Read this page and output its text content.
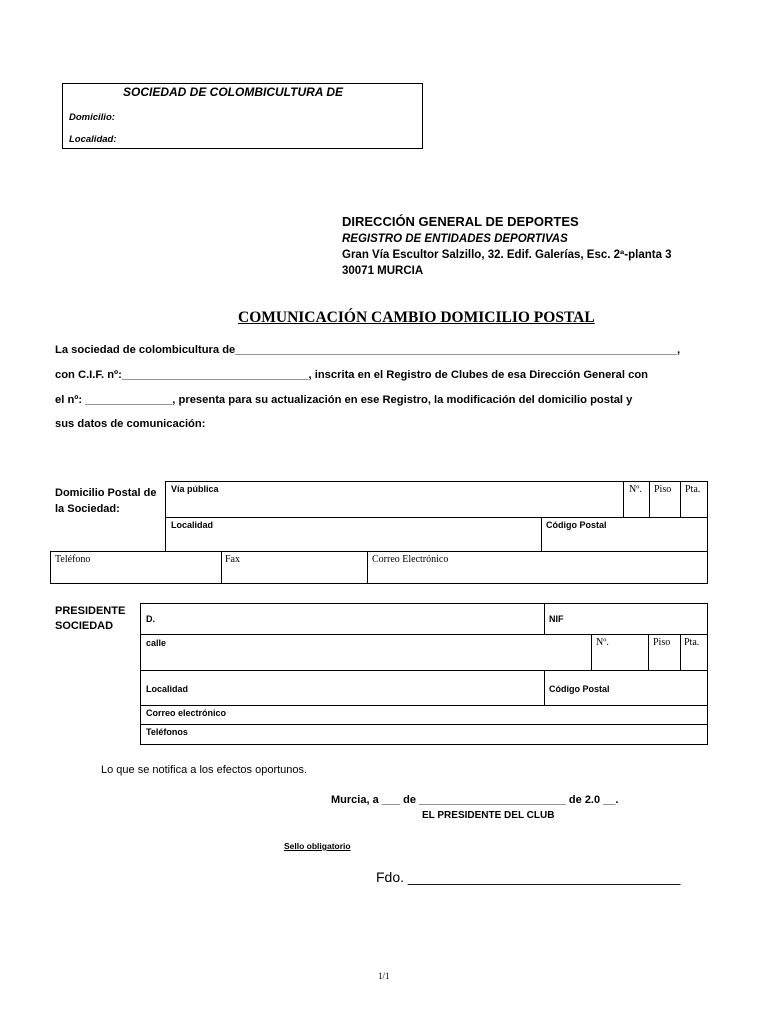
SOCIEDAD DE COLOMBICULTURA DE
Domicilio:
Localidad:
DIRECCIÓN GENERAL DE DEPORTES
REGISTRO DE ENTIDADES DEPORTIVAS
Gran Vía Escultor Salzillo, 32. Edif. Galerías, Esc. 2ª-planta 3
30071 MURCIA
COMUNICACIÓN CAMBIO DOMICILIO POSTAL
La sociedad de colombicultura de_______________________________________________________________________,
con C.I.F. nº:______________________________, inscrita en el Registro de Clubes de esa Dirección General con
el nº: ______________, presenta para su actualización en ese Registro, la modificación del domicilio postal y
sus datos de comunicación:
Domicilio Postal de la Sociedad:
Vía pública	Nº. Piso Pta.
Localidad	Código Postal
Teléfono	Fax	Correo Electrónico
PRESIDENTE
SOCIEDAD
D.	NIF
calle	Nº.	Piso Pta.
Localidad	Código Postal
Correo electrónico
Teléfonos
Lo que se notifica a los efectos oportunos.
Murcia, a ___ de ________________________ de 2.0 __.
EL PRESIDENTE DEL CLUB
Sello obligatorio
Fdo. ___________________________________
1/1
